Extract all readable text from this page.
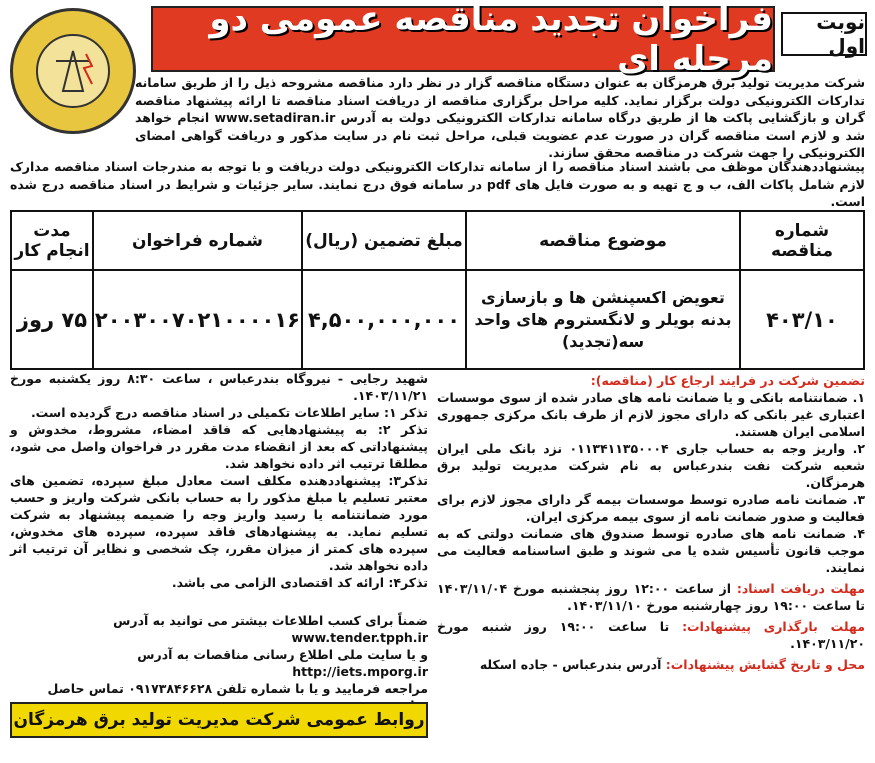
نوبت اول
فراخوان تجدید مناقصه عمومی دو مرحله ای

شرکت مدیریت تولید برق هرمزگان به عنوان دستگاه مناقصه گزار در نظر دارد مناقصه مشروحه ذیل را از طریق سامانه تدارکات الکترونیکی دولت برگزار نماید. کلیه مراحل برگزاری مناقصه از دریافت اسناد مناقصه تا ارائه پیشنهاد مناقصه گران و بازگشایی پاکت ها از طریق درگاه سامانه تدارکات الکترونیکی دولت به آدرس www.setadiran.ir انجام خواهد شد و لازم است مناقصه گران در صورت عدم عضویت قبلی، مراحل ثبت نام در سایت مذکور و دریافت گواهی امضای الکترونیکی را جهت شرکت در مناقصه محقق سازند.

پیشنهاددهندگان موظف می باشند اسناد مناقصه را از سامانه تدارکات الکترونیکی دولت دریافت و با توجه به مندرجات اسناد مناقصه مدارک لازم شامل پاکات الف، ب و ج تهیه و به صورت فایل های pdf در سامانه فوق درج نمایند. سایر جزئیات و شرایط در اسناد مناقصه درج شده است.

شماره مناقصه	موضوع مناقصه	مبلغ تضمین (ریال)	شماره فراخوان	مدت انجام کار
۴۰۳/۱۰	تعویض اکسپنشن ها و بازسازی بدنه بویلر و لانگستروم های واحد سه(تجدید)	۴,۵۰۰,۰۰۰,۰۰۰	۲۰۰۳۰۰۷۰۲۱۰۰۰۰۱۶	۷۵ روز

تضمین شرکت در فرایند ارجاع کار (مناقصه):

۱. ضمانتنامه بانکی و یا ضمانت نامه های صادر شده از سوی موسسات اعتباری غیر بانکی که دارای مجوز لازم از طرف بانک مرکزی جمهوری اسلامی ایران هستند.

۲. واریز وجه به حساب جاری ۰۱۱۳۴۱۱۳۵۰۰۰۴ نزد بانک ملی ایران شعبه شرکت نفت بندرعباس به نام شرکت مدیریت تولید برق هرمزگان.

۳. ضمانت نامه صادره توسط موسسات بیمه گر دارای مجوز لازم برای فعالیت و صدور ضمانت نامه از سوی بیمه مرکزی ایران.

۴. ضمانت نامه های صادره توسط صندوق های ضمانت دولتی که به موجب قانون تأسیس شده یا می شوند و طبق اساسنامه فعالیت می نمایند.

مهلت دریافت اسناد: از ساعت ۱۲:۰۰ روز پنجشنبه مورخ ۱۴۰۳/۱۱/۰۴ تا ساعت ۱۹:۰۰ روز چهارشنبه مورخ ۱۴۰۳/۱۱/۱۰.

مهلت بارگذاری پیشنهادات: تا ساعت ۱۹:۰۰ روز شنبه مورخ ۱۴۰۳/۱۱/۲۰.

محل و تاریخ گشایش پیشنهادات: آدرس بندرعباس - جاده اسکله

شهید رجایی - نیروگاه بندرعباس ، ساعت ۸:۳۰ روز یکشنبه مورخ ۱۴۰۳/۱۱/۲۱.

تذکر ۱: سایر اطلاعات تکمیلی در اسناد مناقصه درج گردیده است.

تذکر ۲: به پیشنهادهایی که فاقد امضاء، مشروط، مخدوش و پیشنهاداتی که بعد از انقضاء مدت مقرر در فراخوان واصل می شود، مطلقا ترتیب اثر داده نخواهد شد.

تذکر۳: پیشنهاددهنده مکلف است معادل مبلغ سپرده، تضمین های معتبر تسلیم یا مبلغ مذکور را به حساب بانکی شرکت واریز و حسب مورد ضمانتنامه یا رسید واریز وجه را ضمیمه پیشنهاد به شرکت تسلیم نماید. به پیشنهادهای فاقد سپرده، سپرده های مخدوش، سپرده های کمتر از میزان مقرر، چک شخصی و نظایر آن ترتیب اثر داده نخواهد شد.

تذکر۴: ارائه کد اقتصادی الزامی می باشد.

ضمناً برای کسب اطلاعات بیشتر می توانید به آدرس www.tender.tpph.ir

و یا سایت ملی اطلاع رسانی مناقصات به آدرس http://iets.mporg.ir

مراجعه فرمایید و یا با شماره تلفن ۰۹۱۷۳۸۴۶۶۲۸ تماس حاصل

روابط عمومی شرکت مدیریت تولید برق هرمزگان
